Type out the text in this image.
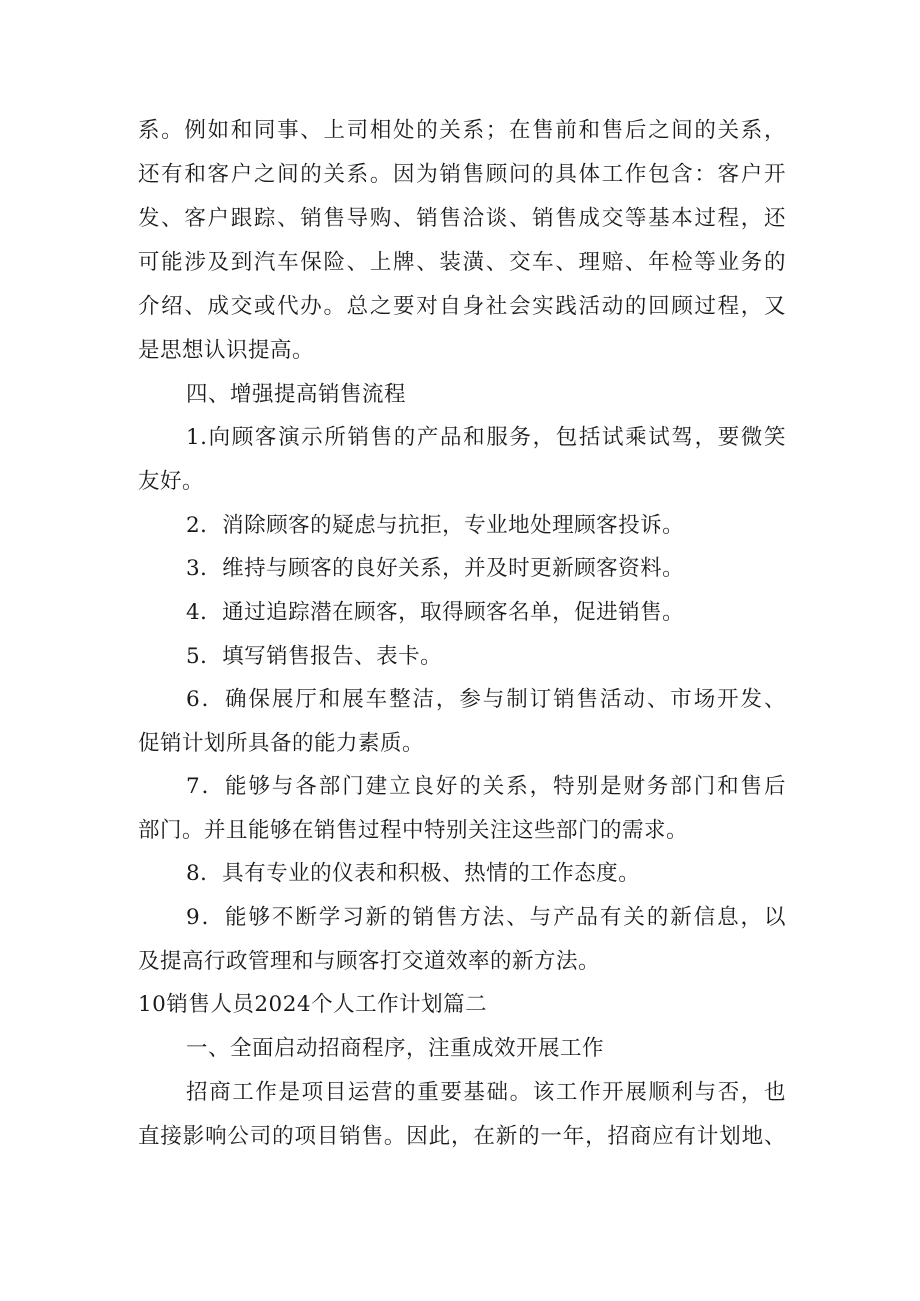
系。例如和同事、上司相处的关系；在售前和售后之间的关系，
还有和客户之间的关系。因为销售顾问的具体工作包含：客户开
发、客户跟踪、销售导购、销售洽谈、销售成交等基本过程，还
可能涉及到汽车保险、上牌、装潢、交车、理赔、年检等业务的
介绍、成交或代办。总之要对自身社会实践活动的回顾过程，又
是思想认识提高。
四、增强提高销售流程
1.向顾客演示所销售的产品和服务，包括试乘试驾，要微笑
友好。
2．消除顾客的疑虑与抗拒，专业地处理顾客投诉。
3．维持与顾客的良好关系，并及时更新顾客资料。
4．通过追踪潜在顾客，取得顾客名单，促进销售。
5．填写销售报告、表卡。
6．确保展厅和展车整洁，参与制订销售活动、市场开发、
促销计划所具备的能力素质。
7．能够与各部门建立良好的关系，特别是财务部门和售后
部门。并且能够在销售过程中特别关注这些部门的需求。
8．具有专业的仪表和积极、热情的工作态度。
9．能够不断学习新的销售方法、与产品有关的新信息，以
及提高行政管理和与顾客打交道效率的新方法。
10销售人员2024个人工作计划篇二
一、全面启动招商程序，注重成效开展工作
招商工作是项目运营的重要基础。该工作开展顺利与否，也
直接影响公司的项目销售。因此，在新的一年，招商应有计划地、
